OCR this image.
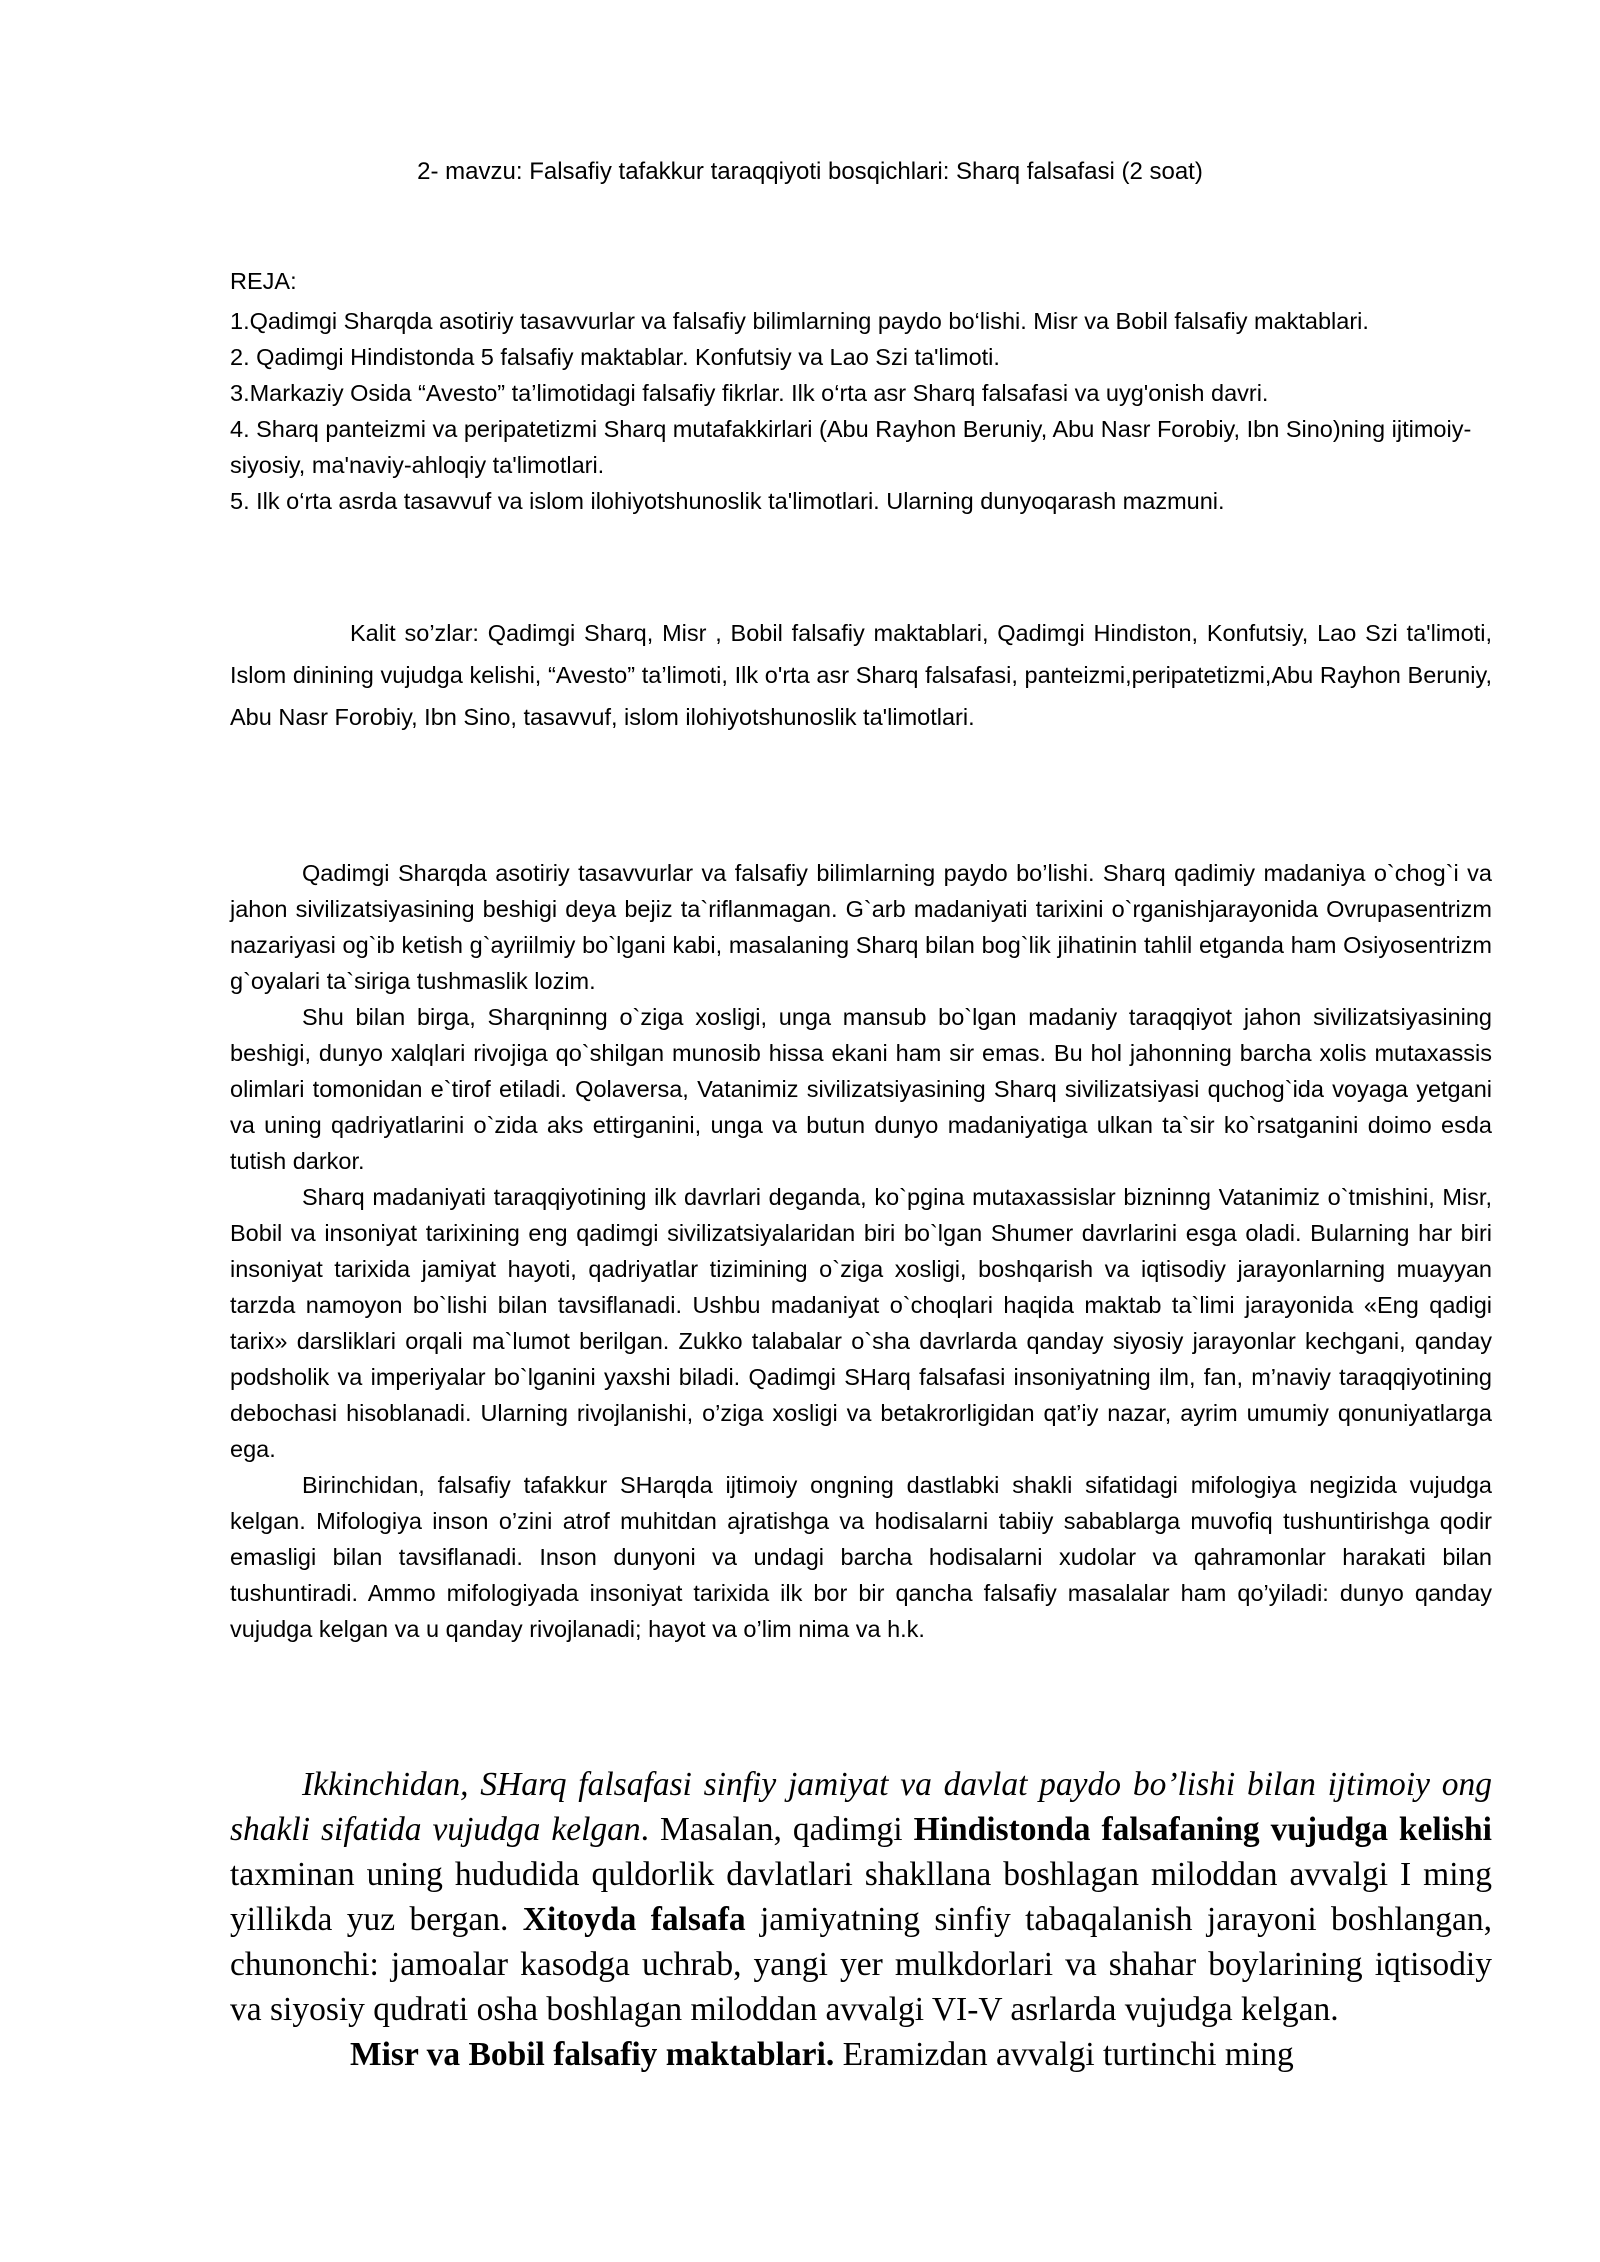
2- mavzu: Falsafiy tafakkur taraqqiyoti bosqichlari: Sharq falsafasi (2 soat)

REJA:

1.Qadimgi Sharqda asotiriy tasavvurlar va falsafiy bilimlarning paydo bo‘lishi. Misr va Bobil falsafiy maktablari.

2. Qadimgi Hindistonda 5 falsafiy maktablar. Konfutsiy va Lao Szi ta'limoti.

3.Markaziy Osida “Avesto” ta’limotidagi falsafiy fikrlar. Ilk o‘rta asr Sharq falsafasi va uyg'onish davri.

4. Sharq panteizmi va peripatetizmi Sharq mutafakkirlari (Abu Rayhon Beruniy, Abu Nasr Forobiy, Ibn Sino)ning ijtimoiy-siyosiy, ma'naviy-ahloqiy ta'limotlari.

5. Ilk o‘rta asrda tasavvuf va islom ilohiyotshunoslik ta'limotlari. Ularning dunyoqarash mazmuni.

Kalit so’zlar: Qadimgi Sharq, Misr , Bobil falsafiy maktablari, Qadimgi Hindiston, Konfutsiy, Lao Szi ta'limoti, Islom dinining vujudga kelishi, “Avesto” ta’limoti, Ilk o'rta asr Sharq falsafasi, panteizmi,peripatetizmi,Abu Rayhon Beruniy, Abu Nasr Forobiy, Ibn Sino, tasavvuf, islom ilohiyotshunoslik ta'limotlari.

Qadimgi Sharqda asotiriy tasavvurlar va falsafiy bilimlarning paydo bo’lishi. Sharq qadimiy madaniya o`chog`i va jahon sivilizatsiyasining beshigi deya bejiz ta`riflanmagan. G`arb madaniyati tarixini o`rganishjarayonida Ovrupasentrizm nazariyasi og`ib ketish g`ayriilmiy bo`lgani kabi, masalaning Sharq bilan bog`lik jihatinin tahlil etganda ham Osiyosentrizm g`oyalari ta`siriga tushmaslik lozim.

Shu bilan birga, Sharqninng o`ziga xosligi, unga mansub bo`lgan madaniy taraqqiyot jahon sivilizatsiyasining beshigi, dunyo xalqlari rivojiga qo`shilgan munosib hissa ekani ham sir emas. Bu hol jahonning barcha xolis mutaxassis olimlari tomonidan e`tirof etiladi. Qolaversa, Vatanimiz sivilizatsiyasining Sharq sivilizatsiyasi quchog`ida voyaga yetgani va uning qadriyatlarini o`zida aks ettirganini, unga va butun dunyo madaniyatiga ulkan ta`sir ko`rsatganini doimo esda tutish darkor.

Sharq madaniyati taraqqiyotining ilk davrlari deganda, ko`pgina mutaxassislar bizninng Vatanimiz o`tmishini, Misr, Bobil va insoniyat tarixining eng qadimgi sivilizatsiyalaridan biri bo`lgan Shumer davrlarini esga oladi. Bularning har biri insoniyat tarixida jamiyat hayoti, qadriyatlar tizimining o`ziga xosligi, boshqarish va iqtisodiy jarayonlarning muayyan tarzda namoyon bo`lishi bilan tavsiflanadi. Ushbu madaniyat o`choqlari haqida maktab ta`limi jarayonida «Eng qadigi tarix» darsliklari orqali ma`lumot berilgan. Zukko talabalar o`sha davrlarda qanday siyosiy jarayonlar kechgani, qanday podsholik va imperiyalar bo`lganini yaxshi biladi. Qadimgi SHarq falsafasi insoniyatning ilm, fan, m’naviy taraqqiyotining debochasi hisoblanadi. Ularning rivojlanishi, o’ziga xosligi va betakrorligidan qat’iy nazar, ayrim umumiy qonuniyatlarga ega.

Birinchidan, falsafiy tafakkur SHarqda ijtimoiy ongning dastlabki shakli sifatidagi mifologiya negizida vujudga kelgan. Mifologiya inson o’zini atrof muhitdan ajratishga va hodisalarni tabiiy sabablarga muvofiq tushuntirishga qodir emasligi bilan tavsiflanadi. Inson dunyoni va undagi barcha hodisalarni xudolar va qahramonlar harakati bilan tushuntiradi. Ammo mifologiyada insoniyat tarixida ilk bor bir qancha falsafiy masalalar ham qo’yiladi: dunyo qanday vujudga kelgan va u qanday rivojlanadi; hayot va o’lim nima va h.k.

Ikkinchidan, SHarq falsafasi sinfiy jamiyat va davlat paydo bo’lishi bilan ijtimoiy ong shakli sifatida vujudga kelgan. Masalan, qadimgi Hindistonda falsafaning vujudga kelishi taxminan uning hududida quldorlik davlatlari shakllana boshlagan miloddan avvalgi I ming yillikda yuz bergan. Xitoyda falsafa jamiyatning sinfiy tabaqalanish jarayoni boshlangan, chunonchi: jamoalar kasodga uchrab, yangi yer mulkdorlari va shahar boylarining iqtisodiy va siyosiy qudrati osha boshlagan miloddan avvalgi VI-V asrlarda vujudga kelgan.

Misr va Bobil falsafiy maktablari. Eramizdan avvalgi turtinchi ming
